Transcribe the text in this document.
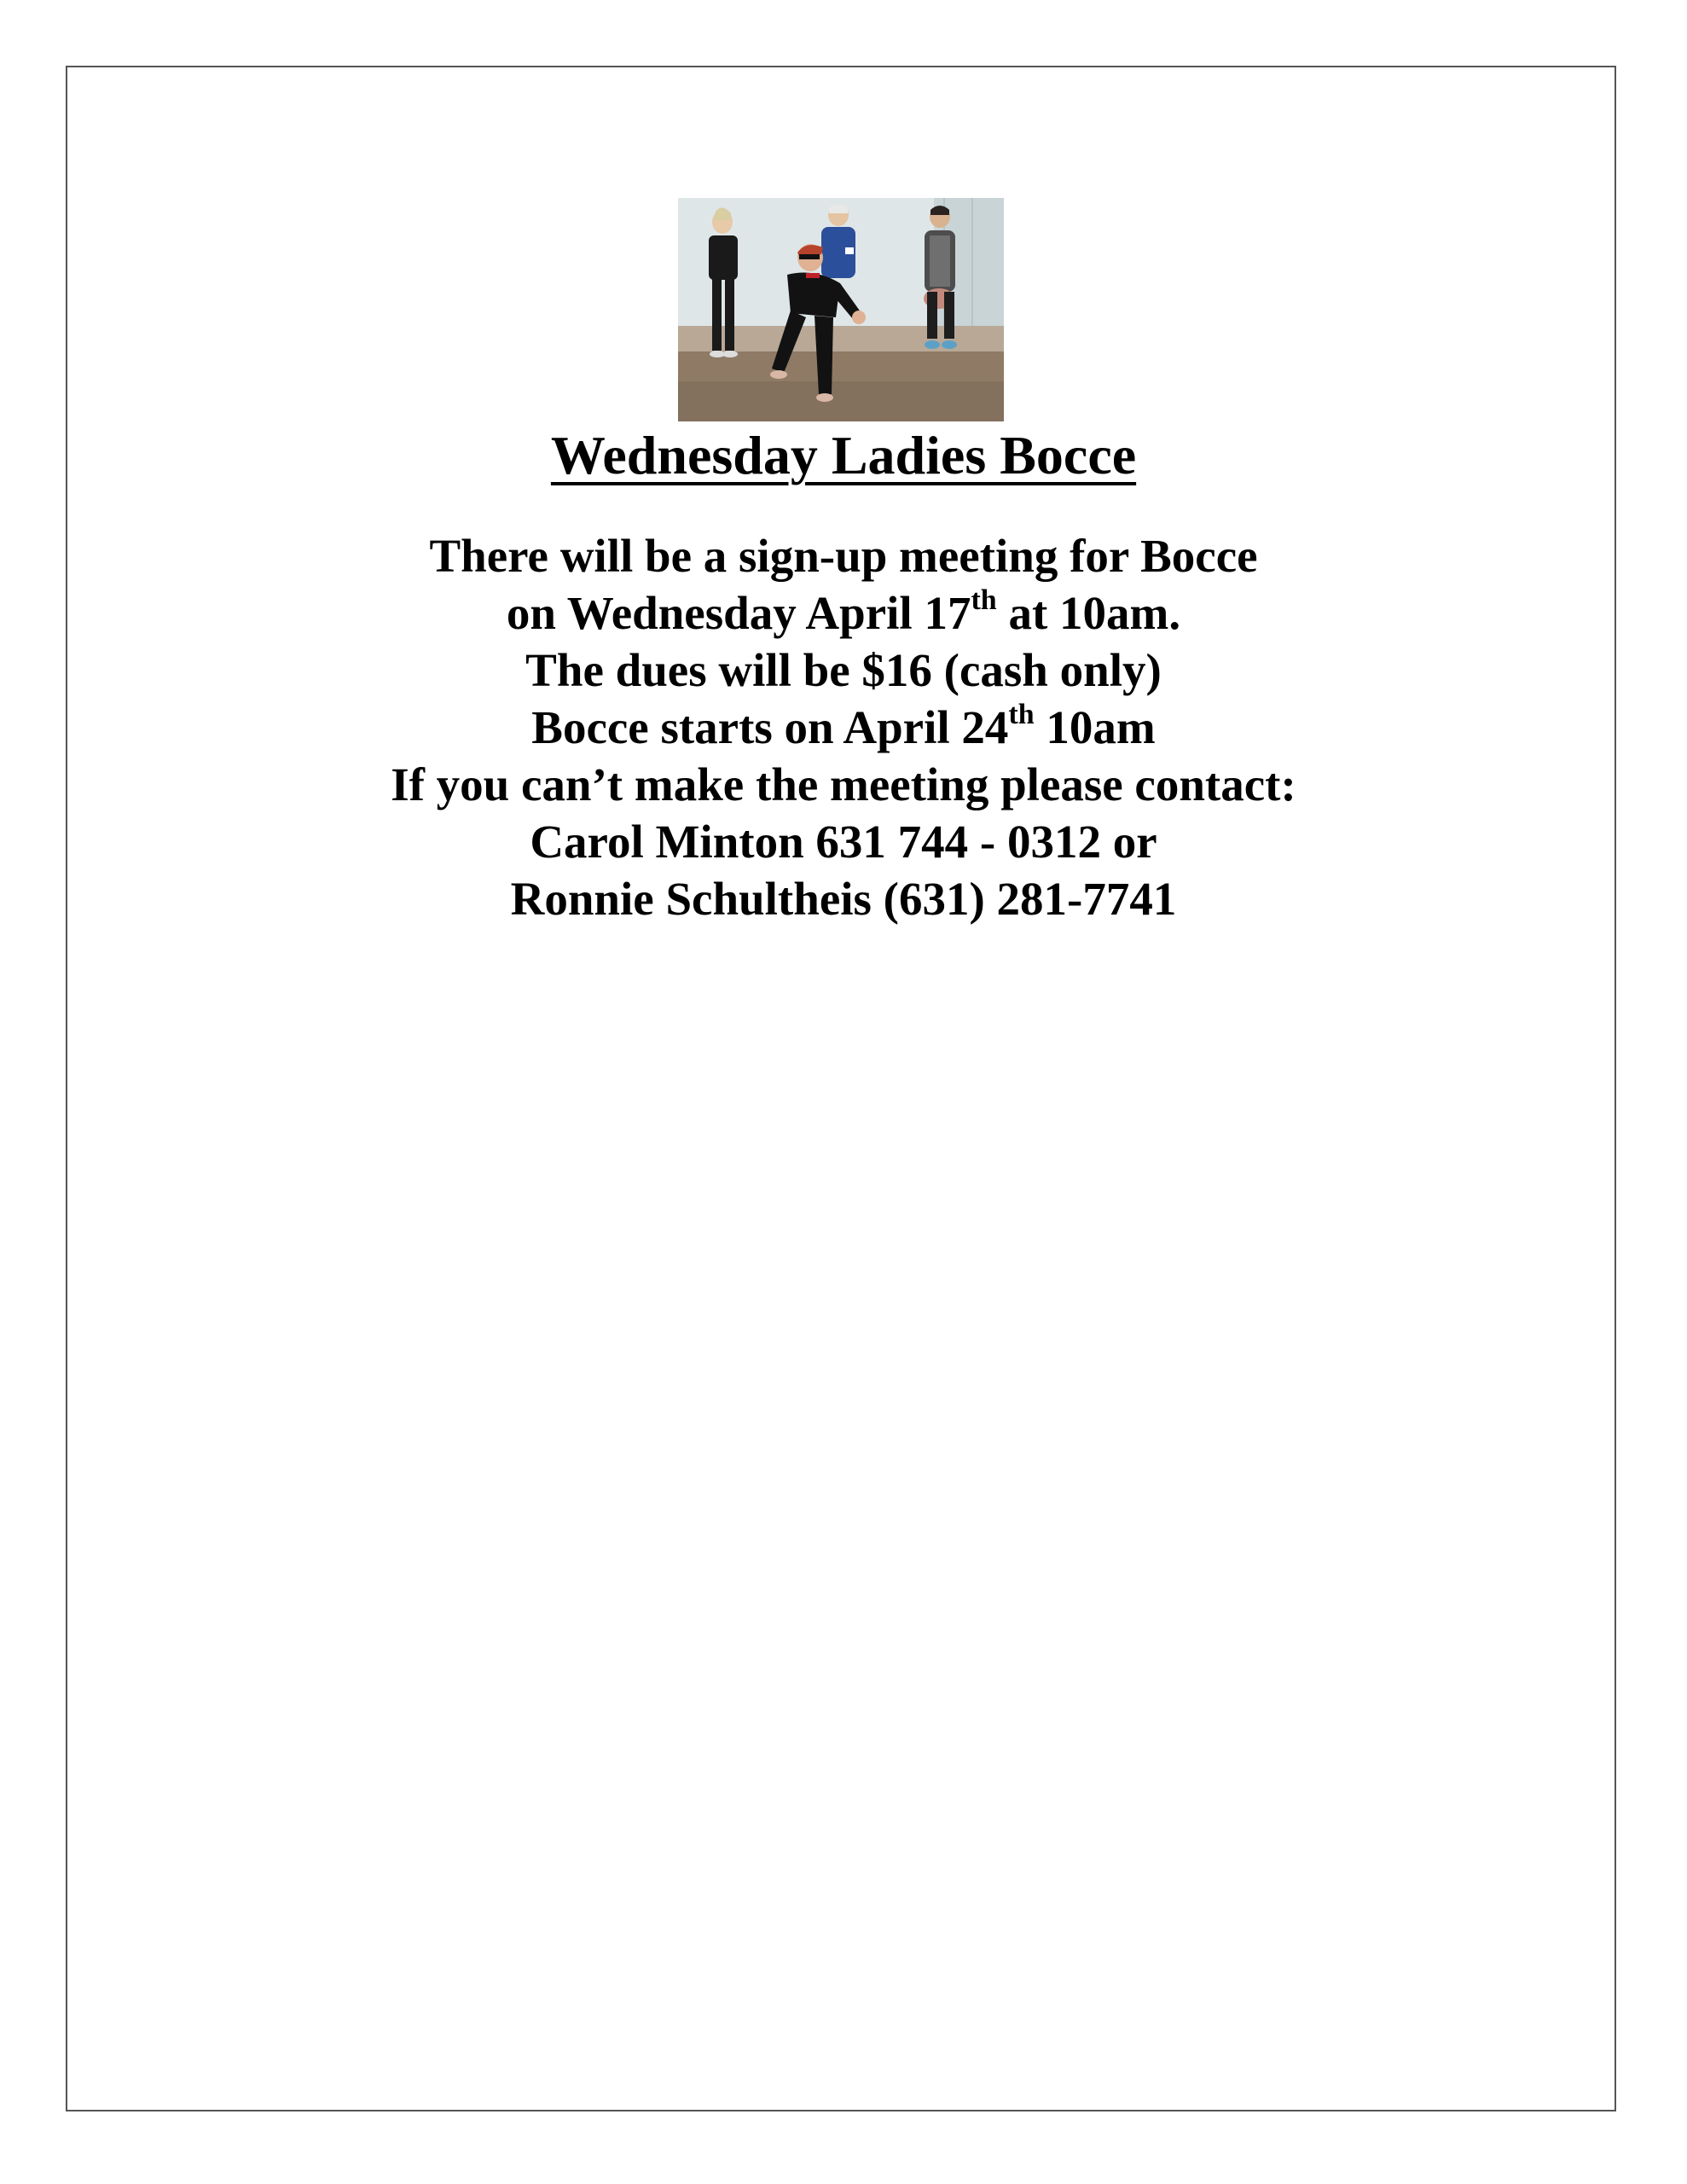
Wednesday Ladies Bocce
There will be a sign-up meeting for Bocce
on Wednesday April 17th at 10am.
The dues will be $16 (cash only)
Bocce starts on April 24th 10am
If you can’t make the meeting please contact:
Carol Minton 631 744 - 0312 or
Ronnie Schultheis (631) 281-7741
